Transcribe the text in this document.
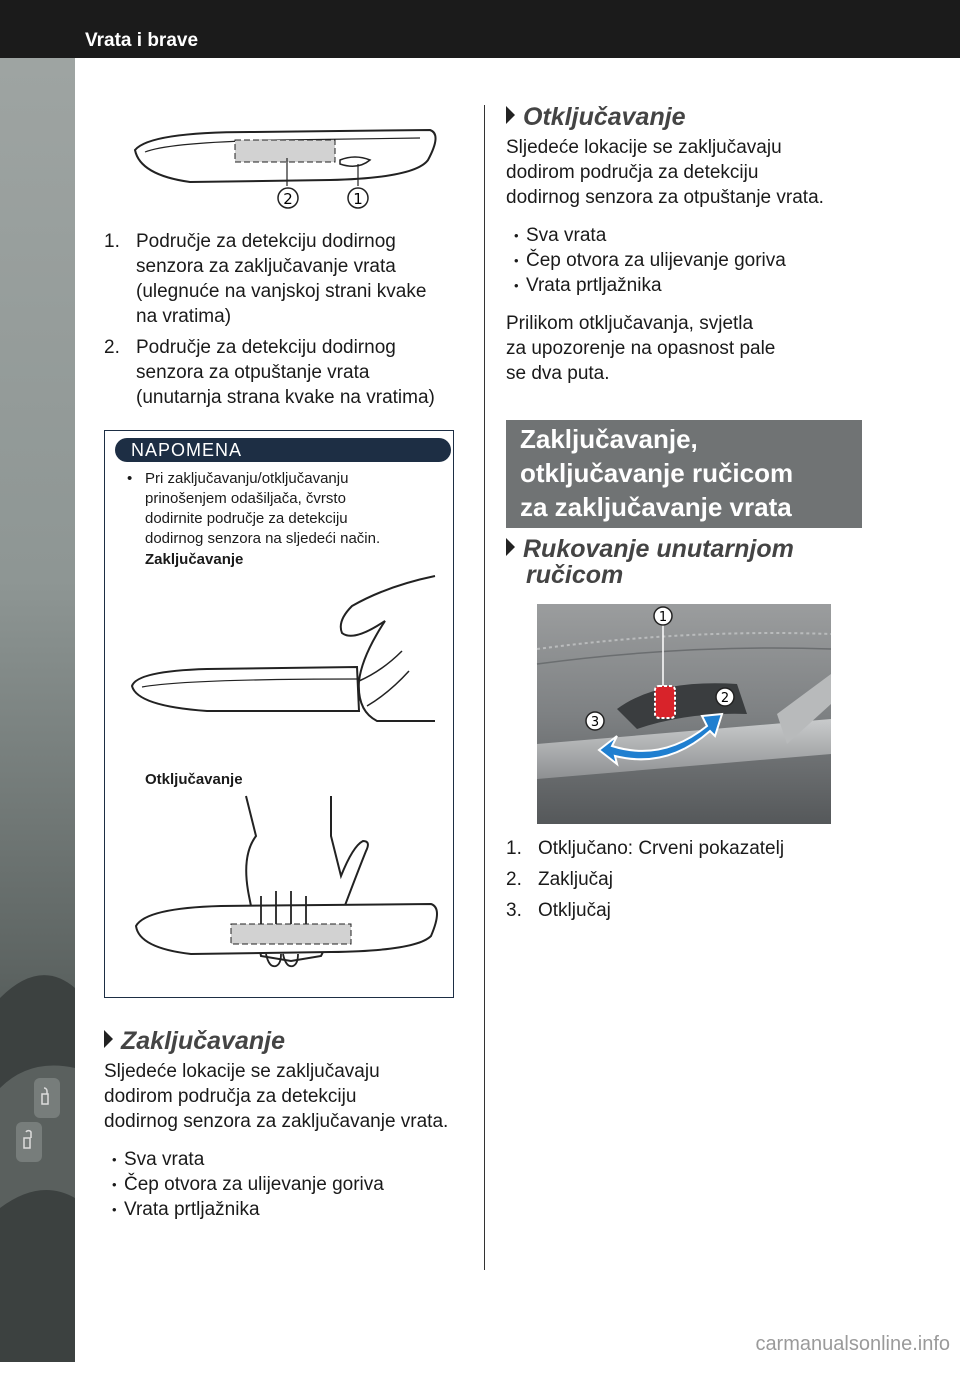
Vrata i brave
3-8
2	1
1. Područje za detekciju dodirnog
senzora za zaključavanje vrata
(ulegnuće na vanjskoj strani kvake
na vratima)
2. Područje za detekciju dodirnog
senzora za otpuštanje vrata
(unutarnja strana kvake na vratima)
NAPOMENA
• Pri zaključavanju/otključavanju
prinošenjem odašiljača, čvrsto
dodirnite područje za detekciju
dodirnog senzora na sljedeći način.
Zaključavanje
Otključavanje
Zaključavanje
Sljedeće lokacije se zaključavaju
dodirom područja za detekciju
dodirnog senzora za zaključavanje vrata.
• Sva vrata
• Čep otvora za ulijevanje goriva
• Vrata prtljažnika
Otključavanje
Sljedeće lokacije se zaključavaju
dodirom područja za detekciju
dodirnog senzora za otpuštanje vrata.
• Sva vrata
• Čep otvora za ulijevanje goriva
• Vrata prtljažnika
Prilikom otključavanja, svjetla
za upozorenje na opasnost pale
se dva puta.
Zaključavanje,
otključavanje ručicom
za zaključavanje vrata
Rukovanje unutarnjom
ručicom
1
2
3
1. Otključano: Crveni pokazatelj
2. Zaključaj
3. Otključaj
carmanualsonline.info
